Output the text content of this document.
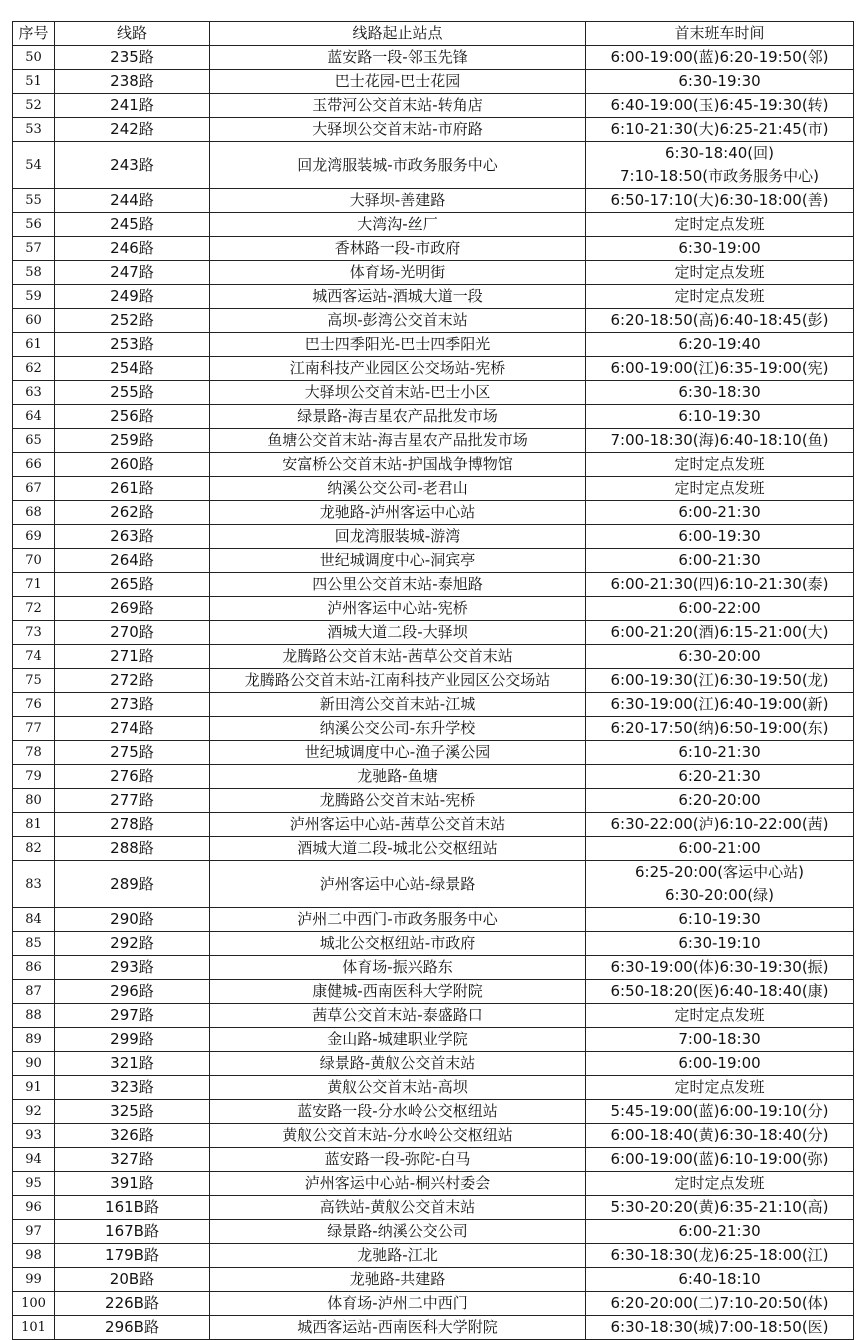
序号	线路	线路起止站点	首末班车时间
50	235路	蓝安路一段-邻玉先锋	6:00-19:00(蓝)6:20-19:50(邻)

51	238路	巴士花园-巴士花园	6:30-19:30

52	241路	玉带河公交首末站-转角店	6:40-19:00(玉)6:45-19:30(转)

53	242路	大驿坝公交首末站-市府路	6:10-21:30(大)6:25-21:45(市)

54	243路	回龙湾服装城-市政务服务中心	6:30-18:40(回)
7:10-18:50(市政务服务中心)

55	244路	大驿坝-善建路	6:50-17:10(大)6:30-18:00(善)

56	245路	大湾沟-丝厂	定时定点发班

57	246路	香林路一段-市政府	6:30-19:00

58	247路	体育场-光明街	定时定点发班

59	249路	城西客运站-酒城大道一段	定时定点发班

60	252路	高坝-彭湾公交首末站	6:20-18:50(高)6:40-18:45(彭)

61	253路	巴士四季阳光-巴士四季阳光	6:20-19:40

62	254路	江南科技产业园区公交场站-宪桥	6:00-19:00(江)6:35-19:00(宪)

63	255路	大驿坝公交首末站-巴士小区	6:30-18:30

64	256路	绿景路-海吉星农产品批发市场	6:10-19:30

65	259路	鱼塘公交首末站-海吉星农产品批发市场	7:00-18:30(海)6:40-18:10(鱼)

66	260路	安富桥公交首末站-护国战争博物馆	定时定点发班

67	261路	纳溪公交公司-老君山	定时定点发班

68	262路	龙驰路-泸州客运中心站	6:00-21:30

69	263路	回龙湾服装城-游湾	6:00-19:30

70	264路	世纪城调度中心-洞宾亭	6:00-21:30

71	265路	四公里公交首末站-泰旭路	6:00-21:30(四)6:10-21:30(泰)

72	269路	泸州客运中心站-宪桥	6:00-22:00

73	270路	酒城大道二段-大驿坝	6:00-21:20(酒)6:15-21:00(大)

74	271路	龙腾路公交首末站-茜草公交首末站	6:30-20:00

75	272路	龙腾路公交首末站-江南科技产业园区公交场站	6:00-19:30(江)6:30-19:50(龙)

76	273路	新田湾公交首末站-江城	6:30-19:00(江)6:40-19:00(新)

77	274路	纳溪公交公司-东升学校	6:20-17:50(纳)6:50-19:00(东)

78	275路	世纪城调度中心-渔子溪公园	6:10-21:30

79	276路	龙驰路-鱼塘	6:20-21:30

80	277路	龙腾路公交首末站-宪桥	6:20-20:00

81	278路	泸州客运中心站-茜草公交首末站	6:30-22:00(泸)6:10-22:00(茜)

82	288路	酒城大道二段-城北公交枢纽站	6:00-21:00

83	289路	泸州客运中心站-绿景路	6:25-20:00(客运中心站)
6:30-20:00(绿)

84	290路	泸州二中西门-市政务服务中心	6:10-19:30

85	292路	城北公交枢纽站-市政府	6:30-19:10

86	293路	体育场-振兴路东	6:30-19:00(体)6:30-19:30(振)

87	296路	康健城-西南医科大学附院	6:50-18:20(医)6:40-18:40(康)

88	297路	茜草公交首末站-泰盛路口	定时定点发班

89	299路	金山路-城建职业学院	7:00-18:30

90	321路	绿景路-黄舣公交首末站	6:00-19:00

91	323路	黄舣公交首末站-高坝	定时定点发班

92	325路	蓝安路一段-分水岭公交枢纽站	5:45-19:00(蓝)6:00-19:10(分)

93	326路	黄舣公交首末站-分水岭公交枢纽站	6:00-18:40(黄)6:30-18:40(分)

94	327路	蓝安路一段-弥陀-白马	6:00-19:00(蓝)6:10-19:00(弥)

95	391路	泸州客运中心站-桐兴村委会	定时定点发班

96	161B路	高铁站-黄舣公交首末站	5:30-20:20(黄)6:35-21:10(高)

97	167B路	绿景路-纳溪公交公司	6:00-21:30

98	179B路	龙驰路-江北	6:30-18:30(龙)6:25-18:00(江)

99	20B路	龙驰路-共建路	6:40-18:10

100	226B路	体育场-泸州二中西门	6:20-20:00(二)7:10-20:50(体)

101	296B路	城西客运站-西南医科大学附院	6:30-18:30(城)7:00-18:50(医)
